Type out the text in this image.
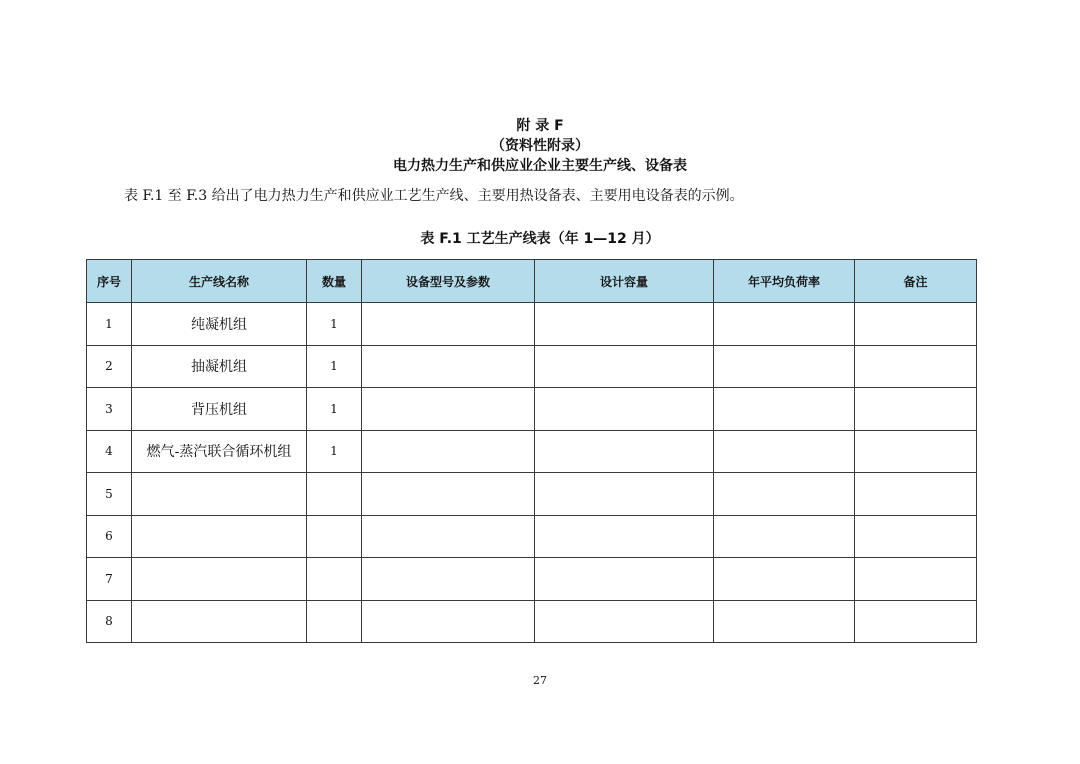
附 录 F
（资料性附录）
电力热力生产和供应业企业主要生产线、设备表
表 F.1 至 F.3 给出了电力热力生产和供应业工艺生产线、主要用热设备表、主要用电设备表的示例。
表 F.1 工艺生产线表（年 1—12 月）
序号	生产线名称	数量	设备型号及参数	设计容量	年平均负荷率	备注
1	纯凝机组	1				
2	抽凝机组	1				
3	背压机组	1				
4	燃气-蒸汽联合循环机组	1				
5						
6						
7						
8						
27
